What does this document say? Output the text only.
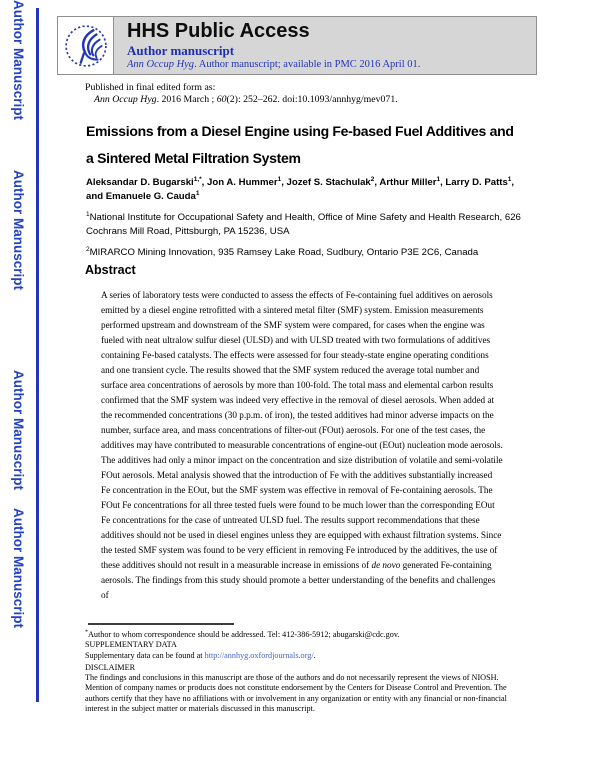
Author Manuscript
Author Manuscript
Author Manuscript
Author Manuscript
HHS Public Access
Author manuscript
Ann Occup Hyg. Author manuscript; available in PMC 2016 April 01.
Published in final edited form as:
Ann Occup Hyg. 2016 March ; 60(2): 252–262. doi:10.1093/annhyg/mev071.
Emissions from a Diesel Engine using Fe-based Fuel Additives and a Sintered Metal Filtration System

Aleksandar D. Bugarski$^{1,*}$, Jon A. Hummer$^1$, Jozef S. Stachulak$^2$, Arthur Miller$^1$, Larry D. Patts$^1$, and Emanuele G. Cauda$^1$

$^1$National Institute for Occupational Safety and Health, Office of Mine Safety and Health Research, 626 Cochrans Mill Road, Pittsburgh, PA 15236, USA

$^2$MIRARCO Mining Innovation, 935 Ramsey Lake Road, Sudbury, Ontario P3E 2C6, Canada

Abstract
A series of laboratory tests were conducted to assess the effects of Fe-containing fuel additives on aerosols emitted by a diesel engine retrofitted with a sintered metal filter (SMF) system. Emission measurements performed upstream and downstream of the SMF system were compared, for cases when the engine was fueled with neat ultralow sulfur diesel (ULSD) and with ULSD treated with two formulations of additives containing Fe-based catalysts. The effects were assessed for four steady-state engine operating conditions and one transient cycle. The results showed that the SMF system reduced the average total number and surface area concentrations of aerosols by more than 100-fold. The total mass and elemental carbon results confirmed that the SMF system was indeed very effective in the removal of diesel aerosols. When added at the recommended concentrations (30 p.p.m. of iron), the tested additives had minor adverse impacts on the number, surface area, and mass concentrations of filter-out (FOut) aerosols. For one of the test cases, the additives may have contributed to measurable concentrations of engine-out (EOut) nucleation mode aerosols. The additives had only a minor impact on the concentration and size distribution of volatile and semi-volatile FOut aerosols. Metal analysis showed that the introduction of Fe with the additives substantially increased Fe concentration in the EOut, but the SMF system was effective in removal of Fe-containing aerosols. The FOut Fe concentrations for all three tested fuels were found to be much lower than the corresponding EOut Fe concentrations for the case of untreated ULSD fuel. The results support recommendations that these additives should not be used in diesel engines unless they are equipped with exhaust filtration systems. Since the tested SMF system was found to be very efficient in removing Fe introduced by the additives, the use of these additives should not result in a measurable increase in emissions of de novo generated Fe-containing aerosols. The findings from this study should promote a better understanding of the benefits and challenges of
*Author to whom correspondence should be addressed. Tel: 412-386-5912; abugarski@cdc.gov.
SUPPLEMENTARY DATA
Supplementary data can be found at http://annhyg.oxfordjournals.org/.
DISCLAIMER
The findings and conclusions in this manuscript are those of the authors and do not necessarily represent the views of NIOSH. Mention of company names or products does not constitute endorsement by the Centers for Disease Control and Prevention. The authors certify that they have no affiliations with or involvement in any organization or entity with any financial or non-financial interest in the subject matter or materials discussed in this manuscript.
